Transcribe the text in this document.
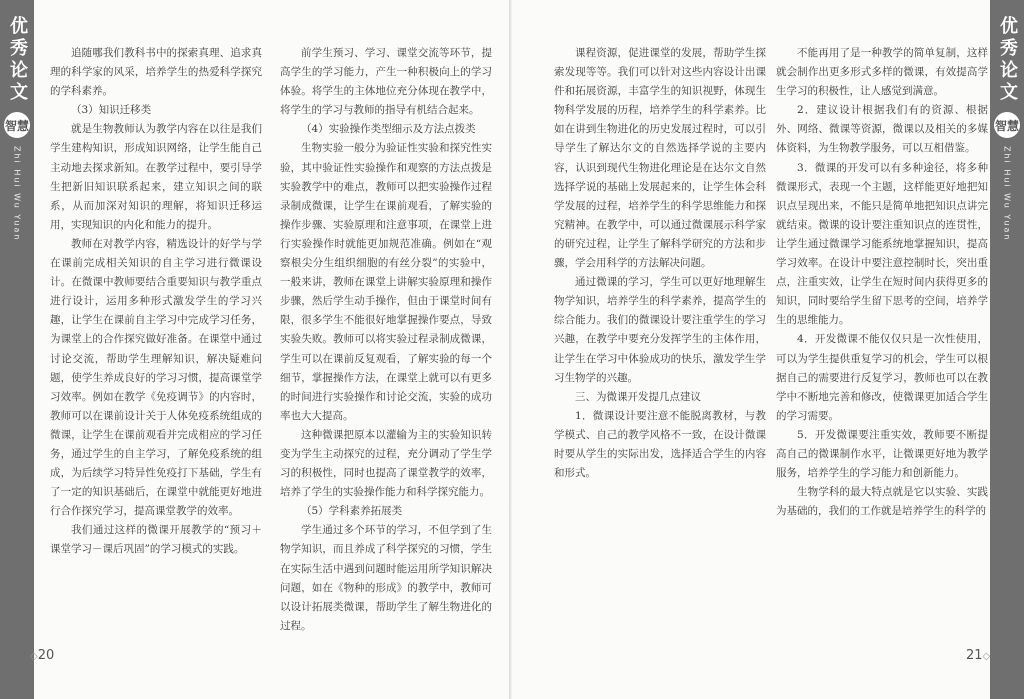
优秀论文
智慧
Zhi Hui Wu Yuan

追随哪我们教科书中的探索真理、追求真理的科学家的风采，培养学生的热爱科学探究的学科素养。

（3）知识迁移类

就是生物教师认为教学内容在以往是我们学生建构知识，形成知识网络，让学生能自己主动地去探求新知。在教学过程中，要引导学生把新旧知识联系起来，建立知识之间的联系，从而加深对知识的理解，将知识迁移运用，实现知识的内化和能力的提升。

教师在对教学内容，精选设计的好学与学在课前完成相关知识的自主学习进行微课设计。在微课中教师要结合重要知识与教学重点进行设计，运用多种形式激发学生的学习兴趣，让学生在课前自主学习中完成学习任务，为课堂上的合作探究做好准备。在课堂中通过讨论交流，帮助学生理解知识，解决疑难问题，使学生养成良好的学习习惯，提高课堂学习效率。例如在教学《免疫调节》的内容时，教师可以在课前设计关于人体免疫系统组成的微课，让学生在课前观看并完成相应的学习任务，通过学生的自主学习，了解免疫系统的组成，为后续学习特异性免疫打下基础，学生有了一定的知识基础后，在课堂中就能更好地进行合作探究学习，提高课堂教学的效率。

我们通过这样的微课开展教学的“预习＋课堂学习－课后巩固”的学习模式的实践。

前学生预习、学习、课堂交流等环节，提高学生的学习能力，产生一种积极向上的学习体验。将学生的主体地位充分体现在教学中，将学生的学习与教师的指导有机结合起来。

（4）实验操作类型细示及方法点拨类

生物实验一般分为验证性实验和探究性实验，其中验证性实验操作和观察的方法点拨是实验教学中的难点，教师可以把实验操作过程录制成微课，让学生在课前观看，了解实验的操作步骤、实验原理和注意事项，在课堂上进行实验操作时就能更加规范准确。例如在“观察根尖分生组织细胞的有丝分裂”的实验中，一般来讲，教师在课堂上讲解实验原理和操作步骤，然后学生动手操作，但由于课堂时间有限，很多学生不能很好地掌握操作要点，导致实验失败。教师可以将实验过程录制成微课，学生可以在课前反复观看，了解实验的每一个细节，掌握操作方法，在课堂上就可以有更多的时间进行实验操作和讨论交流，实验的成功率也大大提高。

这种微课把原本以灌输为主的实验知识转变为学生主动探究的过程，充分调动了学生学习的积极性，同时也提高了课堂教学的效率，培养了学生的实验操作能力和科学探究能力。

（5）学科素养拓展类

学生通过多个环节的学习，不但学到了生物学知识，而且养成了科学探究的习惯，学生在实际生活中遇到问题时能运用所学知识解决问题，如在《物种的形成》的教学中，教师可以设计拓展类微课，帮助学生了解生物进化的过程。

◇20

课程资源，促进课堂的发展，帮助学生探索发现等等。我们可以针对这些内容设计出课件和拓展资源，丰富学生的知识视野，体现生物科学发展的历程，培养学生的科学素养。比如在讲到生物进化的历史发展过程时，可以引导学生了解达尔文的自然选择学说的主要内容，认识到现代生物进化理论是在达尔文自然选择学说的基础上发展起来的，让学生体会科学发展的过程，培养学生的科学思维能力和探究精神。在教学中，可以通过微课展示科学家的研究过程，让学生了解科学研究的方法和步骤，学会用科学的方法解决问题。

通过微课的学习，学生可以更好地理解生物学知识，培养学生的科学素养，提高学生的综合能力。我们的微课设计要注重学生的学习兴趣，在教学中要充分发挥学生的主体作用，让学生在学习中体验成功的快乐，激发学生学习生物学的兴趣。

三、为微课开发提几点建议

1．微课设计要注意不能脱离教材，与教学模式、自己的教学风格不一致，在设计微课时要从学生的实际出发，选择适合学生的内容和形式。

不能再用了是一种教学的简单复制，这样就会制作出更多形式多样的微课，有效提高学生学习的积极性，让人感觉到满意。

2．建议设计根据我们有的资源、根据外、网络、微课等资源，微课以及相关的多媒体资料，为生物教学服务，可以互相借鉴。

3．微课的开发可以有多种途径，将多种微课形式，表现一个主题，这样能更好地把知识点呈现出来，不能只是简单地把知识点讲完就结束。微课的设计要注重知识点的连贯性，让学生通过微课学习能系统地掌握知识，提高学习效率。在设计中要注意控制时长，突出重点，注重实效，让学生在短时间内获得更多的知识，同时要给学生留下思考的空间，培养学生的思维能力。

4．开发微课不能仅仅只是一次性使用，可以为学生提供重复学习的机会，学生可以根据自己的需要进行反复学习，教师也可以在教学中不断地完善和修改，使微课更加适合学生的学习需要。

5．开发微课要注重实效，教师要不断提高自己的微课制作水平，让微课更好地为教学服务，培养学生的学习能力和创新能力。

生物学科的最大特点就是它以实验、实践为基础的，我们的工作就是培养学生的科学的

优秀论文
智慧
Zhi Hui Wu Yuan
21◇
